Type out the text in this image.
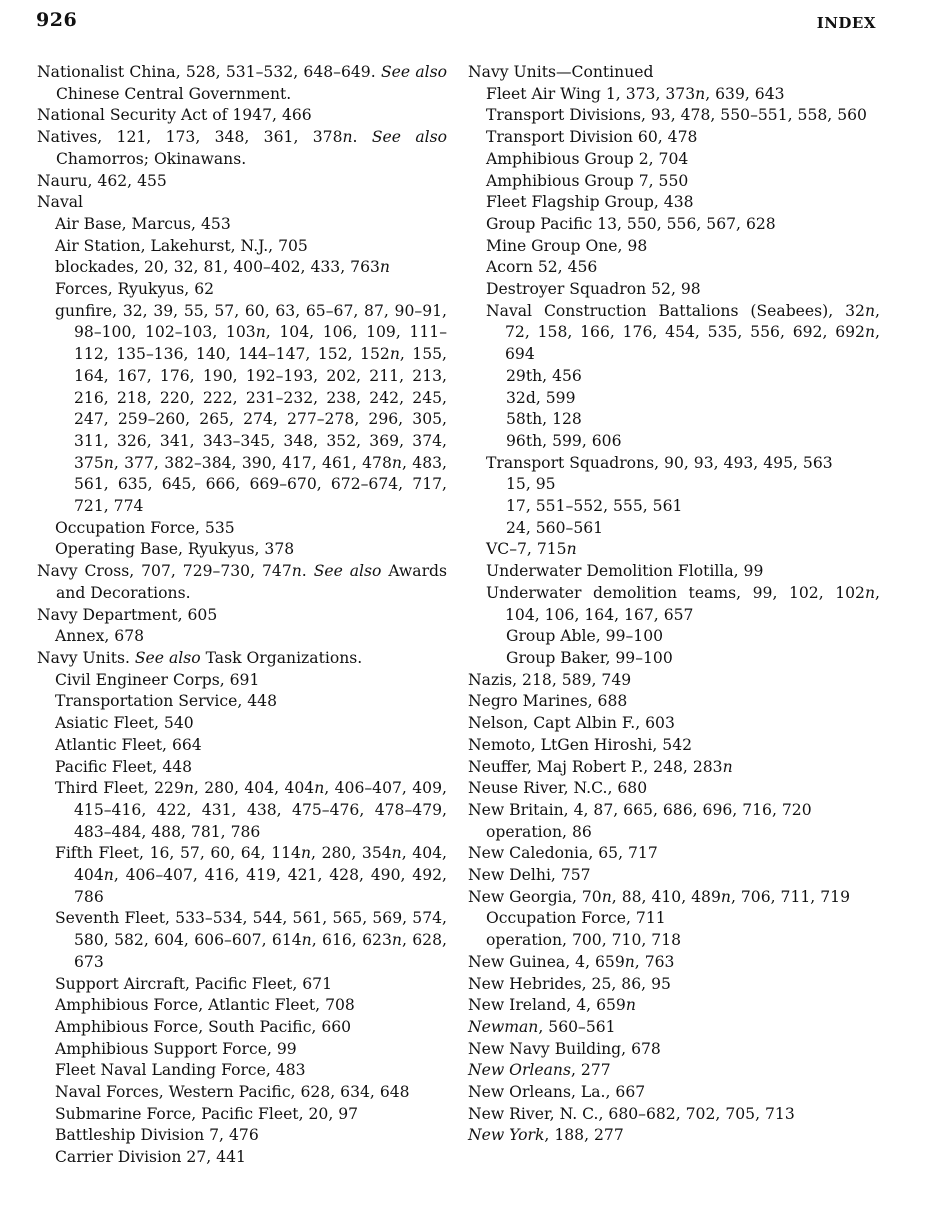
926	INDEX

Nationalist China, 528, 531–532, 648–649. See also Chinese Central Government.

National Security Act of 1947, 466

Natives, 121, 173, 348, 361, 378n. See also Chamorros; Okinawans.

Nauru, 462, 455

Naval

Air Base, Marcus, 453

Air Station, Lakehurst, N.J., 705

blockades, 20, 32, 81, 400–402, 433, 763n

Forces, Ryukyus, 62

gunfire, 32, 39, 55, 57, 60, 63, 65–67, 87, 90–91, 98–100, 102–103, 103n, 104, 106, 109, 111–112, 135–136, 140, 144–147, 152, 152n, 155, 164, 167, 176, 190, 192–193, 202, 211, 213, 216, 218, 220, 222, 231–232, 238, 242, 245, 247, 259–260, 265, 274, 277–278, 296, 305, 311, 326, 341, 343–345, 348, 352, 369, 374, 375n, 377, 382–384, 390, 417, 461, 478n, 483, 561, 635, 645, 666, 669–670, 672–674, 717, 721, 774

Occupation Force, 535

Operating Base, Ryukyus, 378

Navy Cross, 707, 729–730, 747n. See also Awards and Decorations.

Navy Department, 605

Annex, 678

Navy Units. See also Task Organizations.

Civil Engineer Corps, 691

Transportation Service, 448

Asiatic Fleet, 540

Atlantic Fleet, 664

Pacific Fleet, 448

Third Fleet, 229n, 280, 404, 404n, 406–407, 409, 415–416, 422, 431, 438, 475–476, 478–479, 483–484, 488, 781, 786

Fifth Fleet, 16, 57, 60, 64, 114n, 280, 354n, 404, 404n, 406–407, 416, 419, 421, 428, 490, 492, 786

Seventh Fleet, 533–534, 544, 561, 565, 569, 574, 580, 582, 604, 606–607, 614n, 616, 623n, 628, 673

Support Aircraft, Pacific Fleet, 671

Amphibious Force, Atlantic Fleet, 708

Amphibious Force, South Pacific, 660

Amphibious Support Force, 99

Fleet Naval Landing Force, 483

Naval Forces, Western Pacific, 628, 634, 648

Submarine Force, Pacific Fleet, 20, 97

Battleship Division 7, 476

Carrier Division 27, 441

Navy Units—Continued

Fleet Air Wing 1, 373, 373n, 639, 643

Transport Divisions, 93, 478, 550–551, 558, 560

Transport Division 60, 478

Amphibious Group 2, 704

Amphibious Group 7, 550

Fleet Flagship Group, 438

Group Pacific 13, 550, 556, 567, 628

Mine Group One, 98

Acorn 52, 456

Destroyer Squadron 52, 98

Naval Construction Battalions (Seabees), 32n, 72, 158, 166, 176, 454, 535, 556, 692, 692n, 694

29th, 456

32d, 599

58th, 128

96th, 599, 606

Transport Squadrons, 90, 93, 493, 495, 563

15, 95

17, 551–552, 555, 561

24, 560–561

VC–7, 715n

Underwater Demolition Flotilla, 99

Underwater demolition teams, 99, 102, 102n, 104, 106, 164, 167, 657

Group Able, 99–100

Group Baker, 99–100

Nazis, 218, 589, 749

Negro Marines, 688

Nelson, Capt Albin F., 603

Nemoto, LtGen Hiroshi, 542

Neuffer, Maj Robert P., 248, 283n

Neuse River, N.C., 680

New Britain, 4, 87, 665, 686, 696, 716, 720

operation, 86

New Caledonia, 65, 717

New Delhi, 757

New Georgia, 70n, 88, 410, 489n, 706, 711, 719

Occupation Force, 711

operation, 700, 710, 718

New Guinea, 4, 659n, 763

New Hebrides, 25, 86, 95

New Ireland, 4, 659n

Newman, 560–561

New Navy Building, 678

New Orleans, 277

New Orleans, La., 667

New River, N. C., 680–682, 702, 705, 713

New York, 188, 277
